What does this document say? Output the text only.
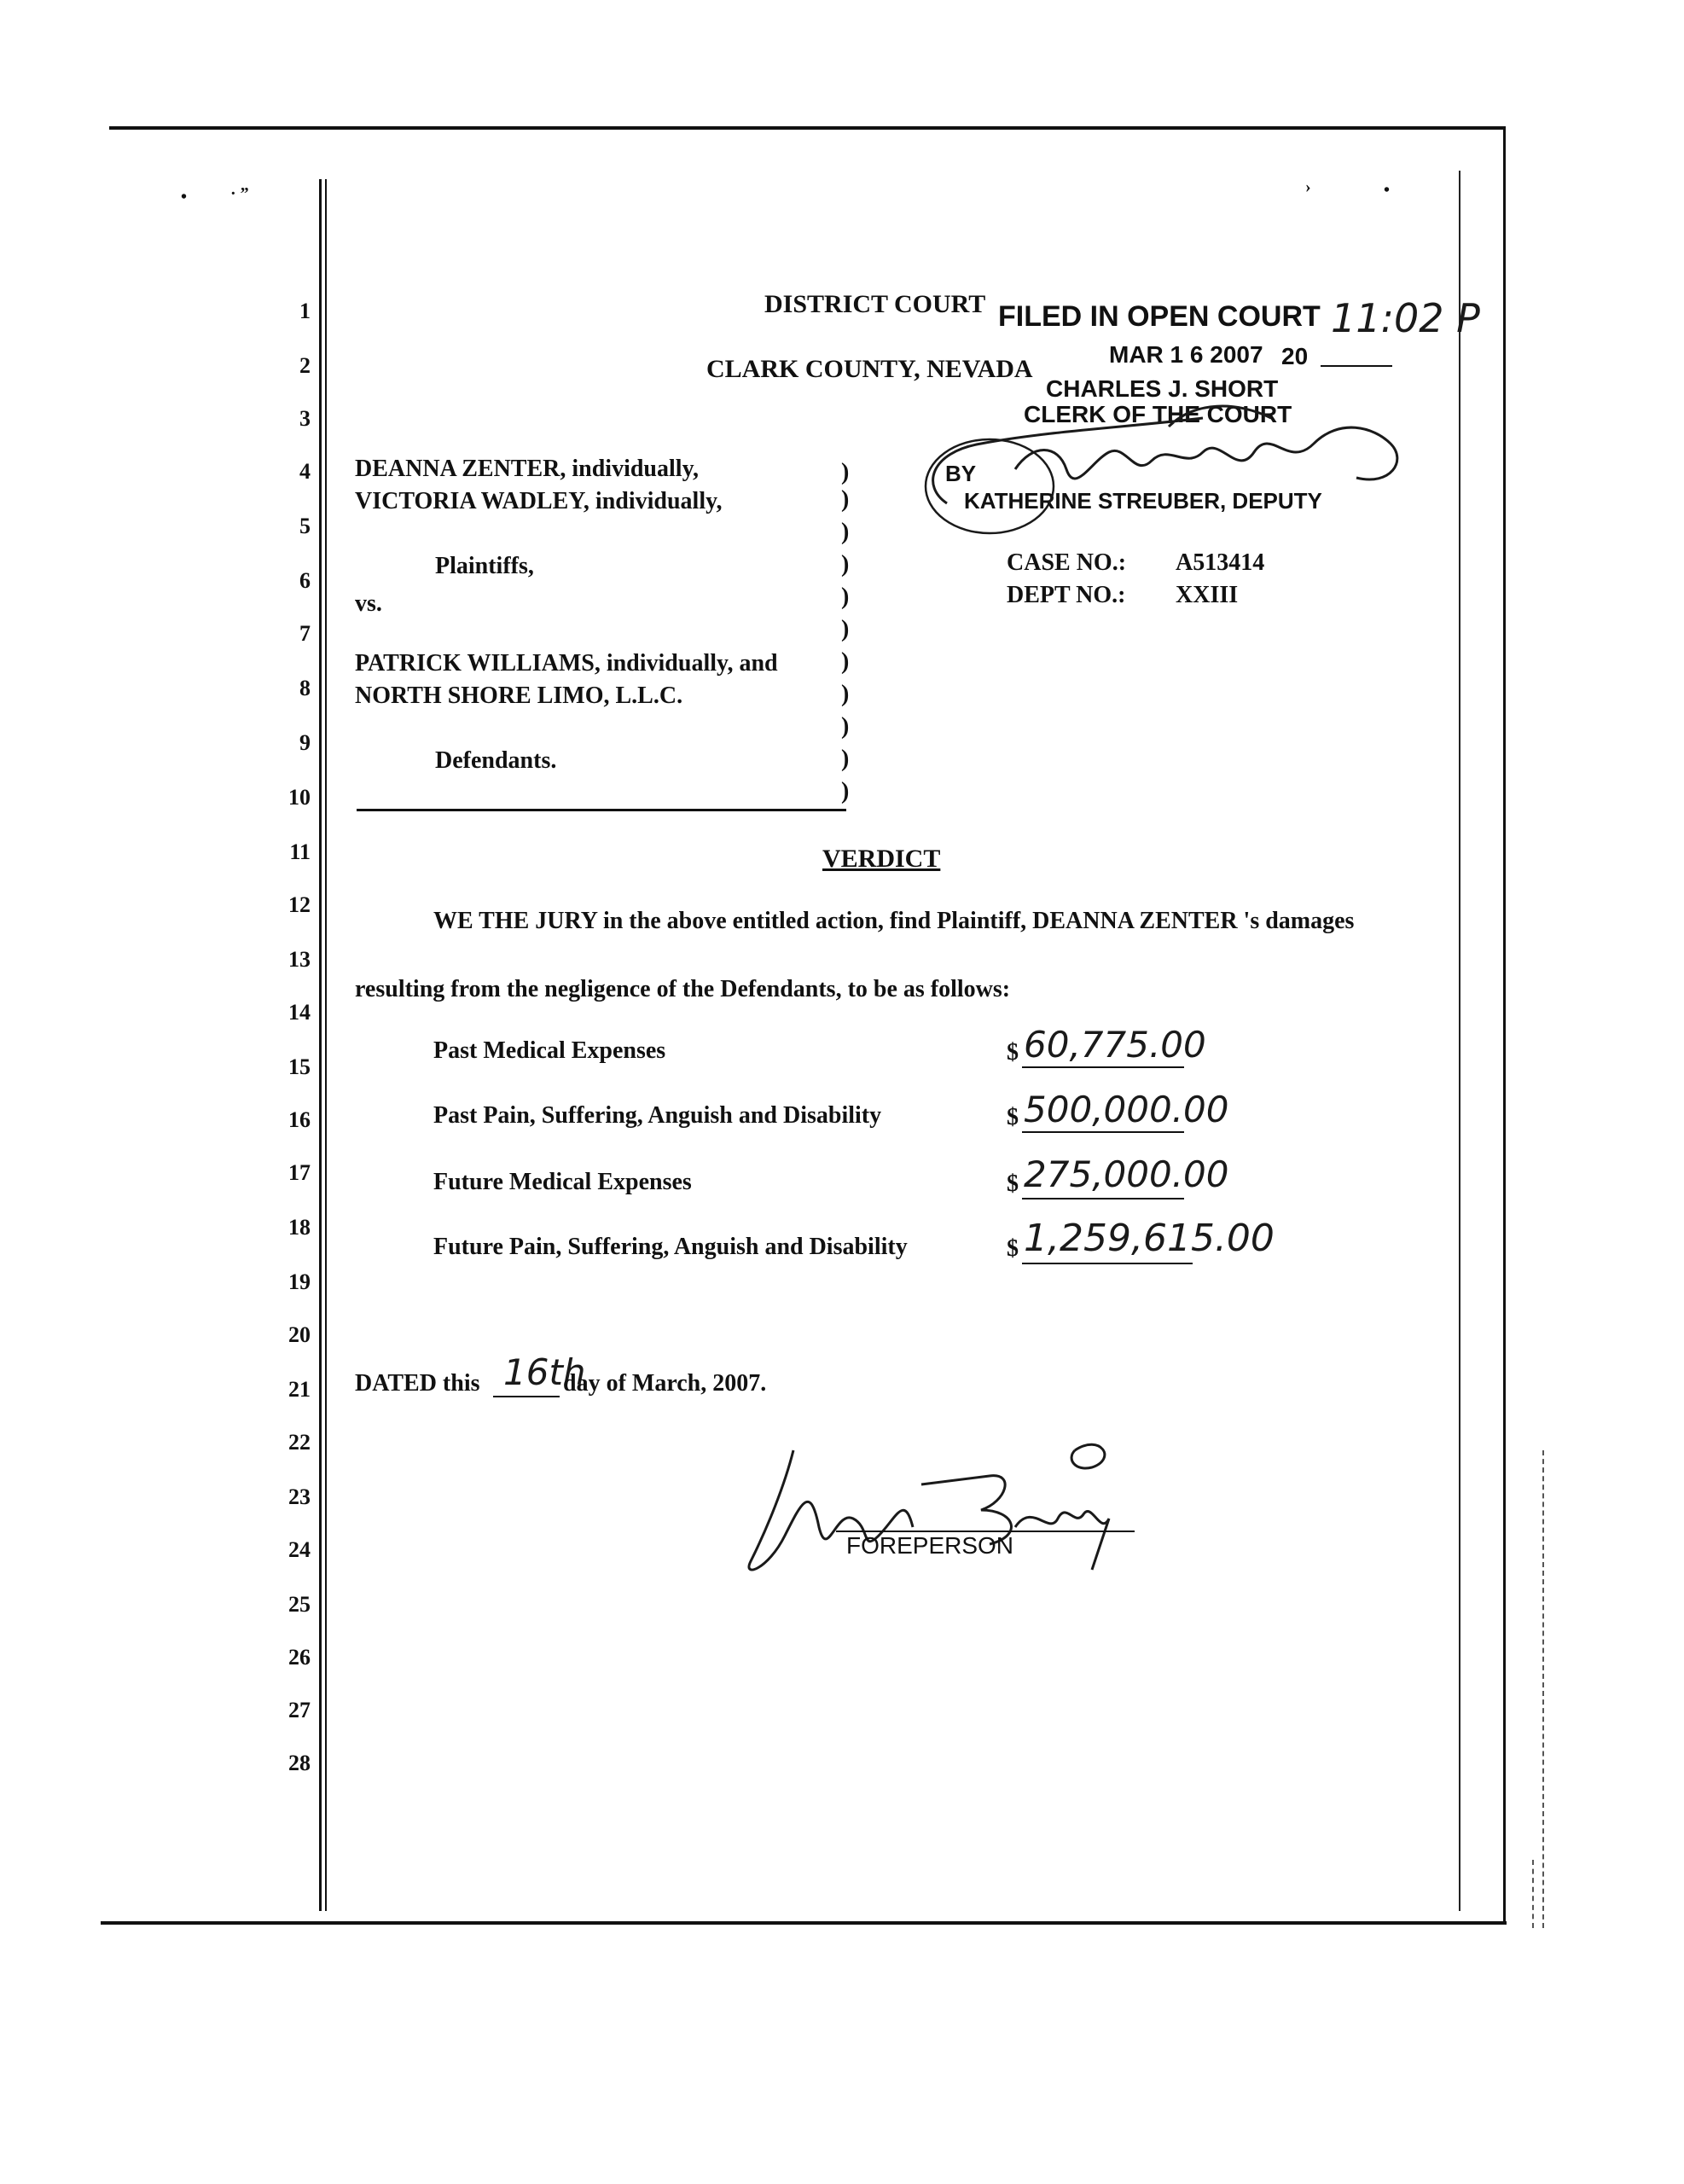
•	· ”	›	•
1
2
3
4
5
6
7
8
9
10
11
12
13
14
15
16
17
18
19
20
21
22
23
24
25
26
27
28
DISTRICT COURT
CLARK COUNTY, NEVADA
FILED IN OPEN COURT
MAR 1 6 2007 20
11:02 P
CHARLES J. SHORT
CLERK OF THE COURT
BY
KATHERINE STREUBER, DEPUTY
DEANNA ZENTER, individually,
VICTORIA WADLEY, individually,
Plaintiffs,
vs.
PATRICK WILLIAMS, individually, and
NORTH SHORE LIMO, L.L.C.
Defendants.
)
)
)
)
)
)
)
)
)
)
)
CASE NO.: A513414
DEPT NO.: XXIII
VERDICT
WE THE JURY in the above entitled action, find Plaintiff, DEANNA ZENTER 's damages
resulting from the negligence of the Defendants, to be as follows:
Past Medical Expenses	$ 60,775.00
Past Pain, Suffering, Anguish and Disability	$ 500,000.00
Future Medical Expenses	$ 275,000.00
Future Pain, Suffering, Anguish and Disability	$ 1,259,615.00
DATED this 16th
day of March, 2007.
FOREPERSON
